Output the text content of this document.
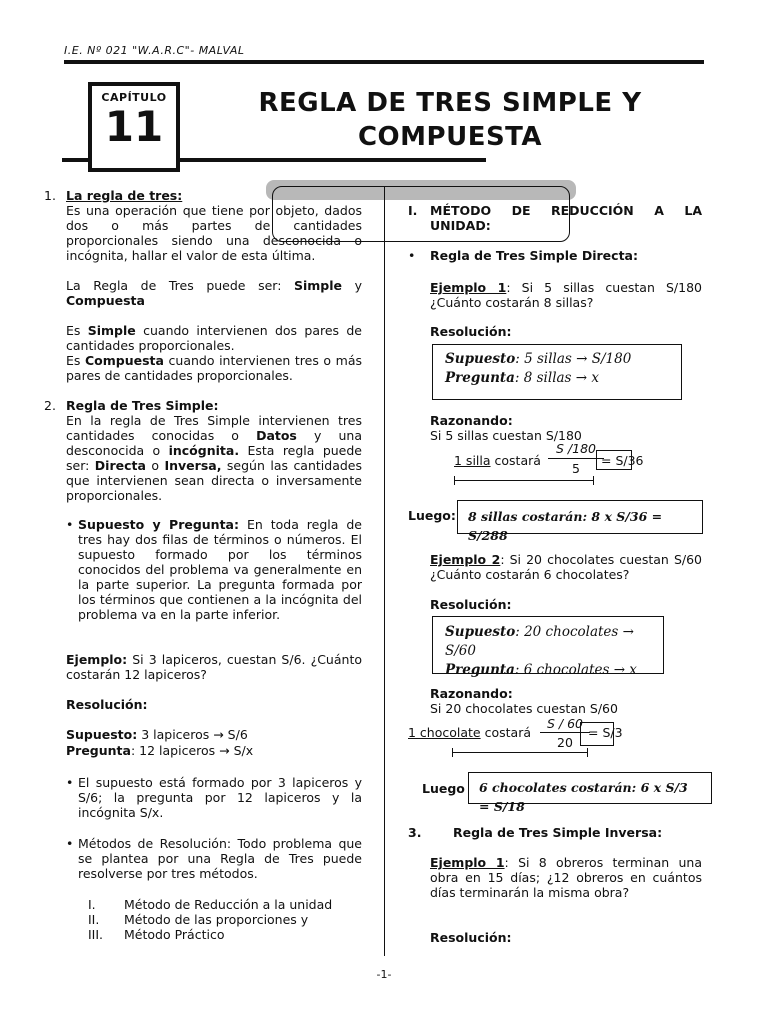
I.E. Nº 021 "W.A.R.C"- MALVAL
CAPÍTULO
11	REGLA DE TRES SIMPLE Y
COMPUESTA
1. La regla de tres:

Es una operación que tiene por objeto, dados dos o más partes de cantidades proporcionales siendo una desconocida o incógnita, hallar el valor de esta última.

La Regla de Tres puede ser: Simple y Compuesta

Es Simple cuando intervienen dos pares de cantidades proporcionales.

Es Compuesta cuando intervienen tres o más pares de cantidades proporcionales.

2. Regla de Tres Simple:

En la regla de Tres Simple intervienen tres cantidades conocidas o Datos y una desconocida o incógnita. Esta regla puede ser: Directa o Inversa, según las cantidades que intervienen sean directa o inversamente proporcionales.

• Supuesto y Pregunta: En toda regla de tres hay dos filas de términos o números. El supuesto formado por los términos conocidos del problema va generalmente en la parte superior. La pregunta formada por los términos que contienen a la incógnita del problema va en la parte inferior.

Ejemplo: Si 3 lapiceros, cuestan S/6. ¿Cuánto costarán 12 lapiceros?

Resolución:
Supuesto: 3 lapiceros → S/6
Pregunta: 12 lapiceros → S/x
• El supuesto está formado por 3 lapiceros y S/6; la pregunta por 12 lapiceros y la incógnita S/x.

• Métodos de Resolución: Todo problema que se plantea por una Regla de Tres puede resolverse por tres métodos.

I.	Método de Reducción a la unidad
II.	Método de las proporciones y
III.	Método Práctico
I. MÉTODO DE REDUCCIÓN A LA UNIDAD:

• Regla de Tres Simple Directa:

Ejemplo 1: Si 5 sillas cuestan S/180 ¿Cuánto costarán 8 sillas?

Resolución:
Supuesto: 5 sillas → S/180
Pregunta: 8 sillas → x
Razonando:
Si 5 sillas cuestan S/180
1 silla costará
S /180
5
= S/36
Luego: 8 sillas costarán: 8 x S/36 = S/288

Ejemplo 2: Si 20 chocolates cuestan S/60 ¿Cuánto costarán 6 chocolates?

Resolución:
Supuesto: 20 chocolates → S/60
Pregunta: 6 chocolates → x
Razonando:
Si 20 chocolates cuestan S/60
1 chocolate costará
S / 60
20
= S/3
Luego	6 chocolates costarán: 6 x S/3 = S/18
3.	Regla de Tres Simple Inversa:

Ejemplo 1: Si 8 obreros terminan una obra en 15 días; ¿12 obreros en cuántos días terminarán la misma obra?

Resolución:
-1-
